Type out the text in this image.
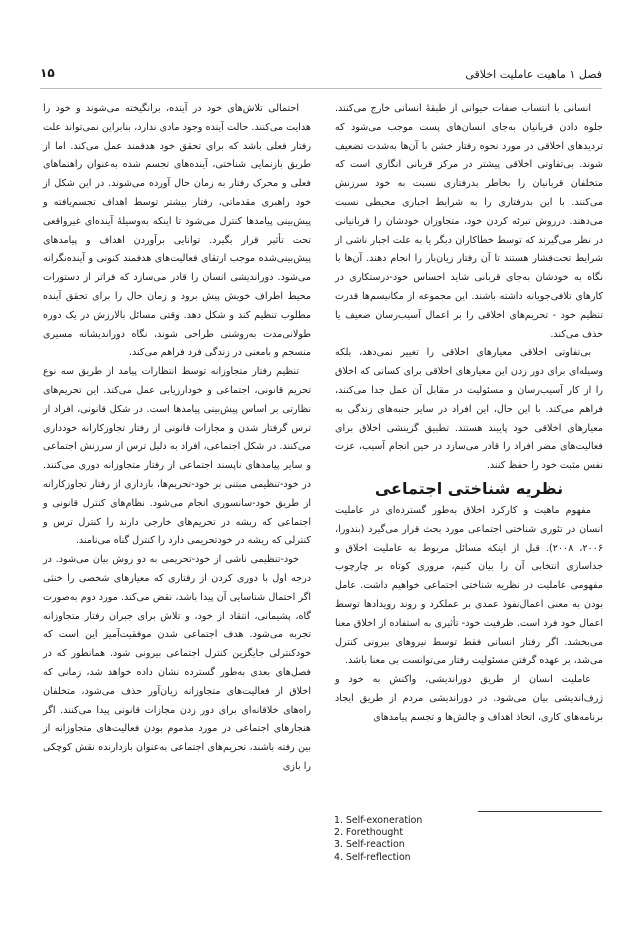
فصل ۱ ماهیت عاملیت اخلاقی
۱۵

انسانی با انتساب صفات حیوانی از طبقهٔ انسانی خارج می‌کنند. جلوه دادن قربانیان به‌جای انسان‌های پست موجب می‌شود که تردیدهای اخلاقی در مورد نحوه رفتار خشن با آن‌ها به‌شدت تضعیف شوند. بی‌تفاوتی اخلاقی پیشتر در مرکز قربانی انگاری است که متخلفان قربانیان را بخاطر بدرفتاری نسبت به خود سرزنش می‌کنند. با این بدرفتاری را به شرایط اجباری محیطی نسبت می‌دهند. درروش تبرئه کردن خود، متجاوزان خودشان را قربانیانی در نظر می‌گیرند که توسط خطاکاران دیگر یا به علت اجبار ناشی از شرایط تحت‌فشار هستند تا آن رفتار زیان‌بار را انجام دهند. آن‌ها با نگاه به خودشان به‌جای قربانی شاید احساس خود-درستکاری در کارهای تلافی‌جویانه داشته باشند. این مجموعه از مکانیسم‌ها قدرت تنظیم خود - تحریم‌های اخلاقی را بر اعمال آسیب‌رسان ضعیف یا حذف می‌کند.

بی‌تفاوتی اخلاقی معیارهای اخلاقی را تغییر نمی‌دهد، بلکه وسیله‌ای برای دور زدن این معیارهای اخلاقی برای کسانی که اخلاق را از کار آسیب‌رسان و مسئولیت در مقابل آن عمل جدا می‌کنند، فراهم می‌کند. با این حال، این افراد در سایر جنبه‌های زندگی به معیارهای اخلاقی خود پایبند هستند. تطبیق گزینشی اخلاق برای فعالیت‌های مضر افراد را قادر می‌سازد در حین انجام آسیب، عزت نفس مثبت خود را حفظ کنند.

نظریه شناختی اجتماعی

مفهوم ماهیت و کارکرد اخلاق به‌طور گسترده‌ای در عاملیت انسان در تئوری شناختی اجتماعی مورد بحث قرار می‌گیرد (بندورا، ۲۰۰۶، ۲۰۰۸). قبل از اینکه مسائل مربوط به عاملیت اخلاق و جداسازی انتخابی آن را بیان کنیم، مروری کوتاه بر چارچوب مفهومی عاملیت در نظریه شناختی اجتماعی خواهیم داشت. عامل بودن به معنی اعمال‌نفوذ عمدی بر عملکرد و روند رویدادها توسط اعمال خود فرد است. ظرفیت خود- تأثیری به استفاده از اخلاق معنا می‌بخشد. اگر رفتار انسانی فقط توسط نیروهای بیرونی کنترل می‌شد، بر عهده گرفتن مسئولیت رفتار می‌توانست بی معنا باشد.

عاملیت انسان از طریق دوراندیشی، واکنش به خود و ژرف‌اندیشی بیان می‌شود. در دوراندیشی مردم از طریق ایجاد برنامه‌های کاری، اتخاذ اهداف و چالش‌ها و تجسم پیامدهای

احتمالی تلاش‌های خود در آینده، برانگیخته می‌شوند و خود را هدایت می‌کنند. حالت آینده وجود مادی ندارد، بنابراین نمی‌تواند علت رفتار فعلی باشد که برای تحقق خود هدفمند عمل می‌کند. اما از طریق بازنمایی شناختی، آینده‌های تجسم شده به‌عنوان راهنماهای فعلی و محرک رفتار به زمان حال آورده می‌شوند. در این شکل از خود راهبری مقدماتی، رفتار بیشتر توسط اهداف تجسم‌یافته و پیش‌بینی پیامدها کنترل می‌شود تا اینکه به‌وسیلهٔ آینده‌ای غیرواقعی تحت تأثیر قرار بگیرد. توانایی برآوردن اهداف و پیامدهای پیش‌بینی‌شده موجب ارتقای فعالیت‌های هدفمند کنونی و آینده‌نگرانه می‌شود. دوراندیشی انسان را قادر می‌سازد که فراتر از دستورات محیط اطراف خویش پیش برود و زمان حال را برای تحقق آینده مطلوب تنظیم کند و شکل دهد. وقتی مسائل بالارزش در یک دوره طولانی‌مدت به‌روشنی طراحی شوند، نگاه دوراندیشانه مسیری منسجم و بامعنی در زندگی فرد فراهم می‌کند.

تنظیم رفتار متجاوزانه توسط انتظارات پیامد از طریق سه نوع تحریم قانونی، اجتماعی و خودارزیابی عمل می‌کند. این تحریم‌های نظارتی بر اساس پیش‌بینی پیامدها است. در شکل قانونی، افراد از ترس گرفتار شدن و مجازات قانونی از رفتار تجاوزکارانه خودداری می‌کنند. در شکل اجتماعی، افراد به دلیل ترس از سرزنش اجتماعی و سایر پیامدهای ناپسند اجتماعی از رفتار متجاوزانه دوری می‌کنند. در خود-تنظیمی مبتنی بر خود-تحریم‌ها، بازداری از رفتار تجاوزکارانه از طریق خود-سانسوری انجام می‌شود. نظام‌های کنترل قانونی و اجتماعی که ریشه در تحریم‌های خارجی دارند را کنترل ترس و کنترلی که ریشه در خودتحریمی دارد را کنترل گناه می‌نامند.

خود-تنظیمی ناشی از خود-تحریمی به دو روش بیان می‌شود. در درجه اول با دوری کردن از رفتاری که معیارهای شخصی را خنثی اگر احتمال شناسایی آن پیدا باشد، نقض می‌کند. مورد دوم به‌صورت گاه، پشیمانی، انتقاد از خود، و تلاش برای جبران رفتار متجاوزانه تجربه می‌شود. هدف اجتماعی شدن موفقیت‌آمیز این است که خودکنترلی جایگزین کنترل اجتماعی بیرونی شود. همانطور که در فصل‌های بعدی به‌طور گسترده نشان داده خواهد شد، زمانی که اخلاق از فعالیت‌های متجاوزانه زیان‌آور حذف می‌شود، متخلفان راه‌های خلاقانه‌ای برای دور زدن مجازات قانونی پیدا می‌کنند. اگر هنجارهای اجتماعی در مورد مذموم بودن فعالیت‌های متجاوزانه از بین رفته باشند، تحریم‌های اجتماعی به‌عنوان بازدارنده نقش کوچکی را بازی

1. Self-exoneration
2. Forethought
3. Self-reaction
4. Self-reflection
